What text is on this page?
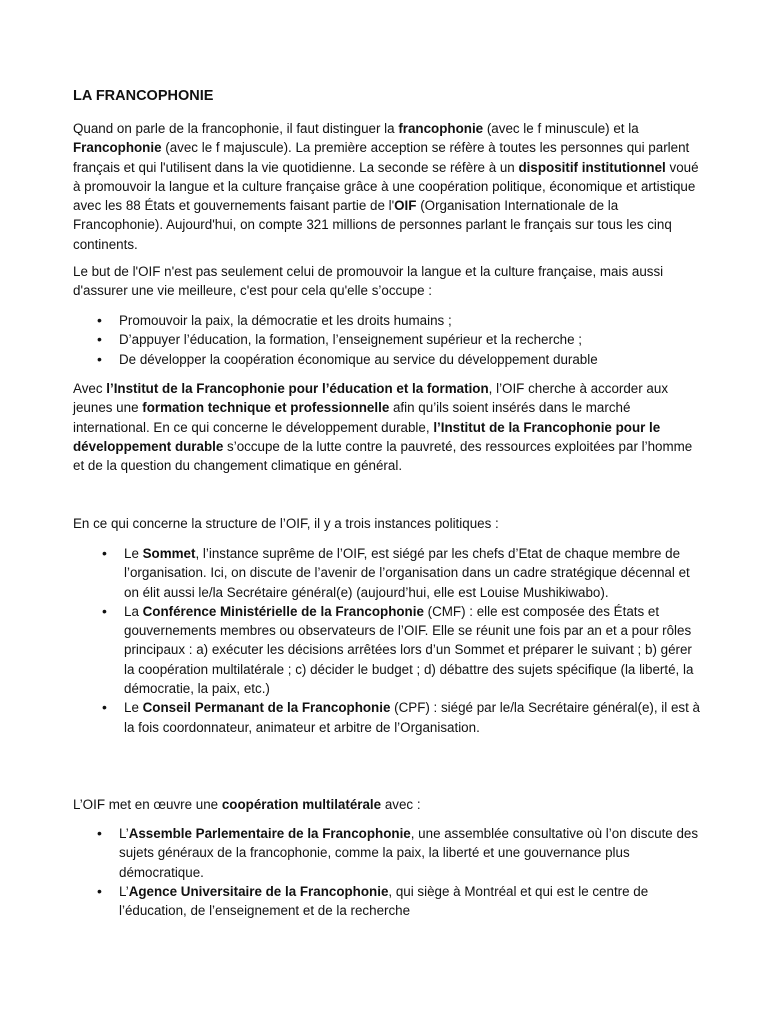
LA FRANCOPHONIE

Quand on parle de la francophonie, il faut distinguer la francophonie (avec le f minuscule) et la Francophonie (avec le f majuscule). La première acception se réfère à toutes les personnes qui parlent français et qui l'utilisent dans la vie quotidienne. La seconde se réfère à un dispositif institutionnel voué à promouvoir la langue et la culture française grâce à une coopération politique, économique et artistique avec les 88 États et gouvernements faisant partie de l'OIF (Organisation Internationale de la Francophonie). Aujourd'hui, on compte 321 millions de personnes parlant le français sur tous les cinq continents.

Le but de l'OIF n'est pas seulement celui de promouvoir la langue et la culture française, mais aussi d'assurer une vie meilleure, c'est pour cela qu'elle s’occupe :

• Promouvoir la paix, la démocratie et les droits humains ;
• D’appuyer l’éducation, la formation, l’enseignement supérieur et la recherche ;
• De développer la coopération économique au service du développement durable

Avec l’Institut de la Francophonie pour l’éducation et la formation, l’OIF cherche à accorder aux jeunes une formation technique et professionnelle afin qu’ils soient insérés dans le marché international. En ce qui concerne le développement durable, l’Institut de la Francophonie pour le développement durable s’occupe de la lutte contre la pauvreté, des ressources exploitées par l’homme et de la question du changement climatique en général.

En ce qui concerne la structure de l’OIF, il y a trois instances politiques :

• Le Sommet, l’instance suprême de l’OIF, est siégé par les chefs d’Etat de chaque membre de l’organisation. Ici, on discute de l’avenir de l’organisation dans un cadre stratégique décennal et on élit aussi le/la Secrétaire général(e) (aujourd’hui, elle est Louise Mushikiwabo).
• La Conférence Ministérielle de la Francophonie (CMF) : elle est composée des États et gouvernements membres ou observateurs de l’OIF. Elle se réunit une fois par an et a pour rôles principaux : a) exécuter les décisions arrêtées lors d’un Sommet et préparer le suivant ; b) gérer la coopération multilatérale ; c) décider le budget ; d) débattre des sujets spécifique (la liberté, la démocratie, la paix, etc.)
• Le Conseil Permanant de la Francophonie (CPF) : siégé par le/la Secrétaire général(e), il est à la fois coordonnateur, animateur et arbitre de l’Organisation.

L’OIF met en œuvre une coopération multilatérale avec :

• L’Assemble Parlementaire de la Francophonie, une assemblée consultative où l’on discute des sujets généraux de la francophonie, comme la paix, la liberté et une gouvernance plus démocratique.
• L’Agence Universitaire de la Francophonie, qui siège à Montréal et qui est le centre de l’éducation, de l’enseignement et de la recherche
